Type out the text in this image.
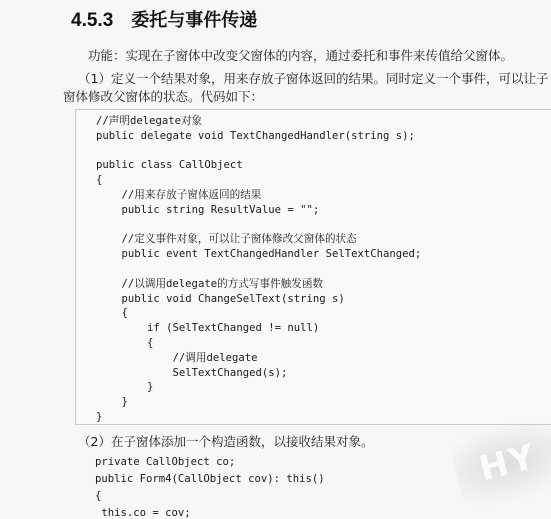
4.5.3 委托与事件传递
功能：实现在子窗体中改变父窗体的内容，通过委托和事件来传值给父窗体。
（1）定义一个结果对象，用来存放子窗体返回的结果。同时定义一个事件，可以让子
窗体修改父窗体的状态。代码如下：
//声明delegate对象
public delegate void TextChangedHandler(string s);
public class CallObject
{
//用来存放子窗体返回的结果
public string ResultValue = "";
//定义事件对象，可以让子窗体修改父窗体的状态
public event TextChangedHandler SelTextChanged;
//以调用delegate的方式写事件触发函数
public void ChangeSelText(string s)
{
if (SelTextChanged != null)
{
//调用delegate
SelTextChanged(s);
}
}
}
（2）在子窗体添加一个构造函数，以接收结果对象。
private CallObject co;
public Form4(CallObject cov): this()
{
this.co = cov;
HY
